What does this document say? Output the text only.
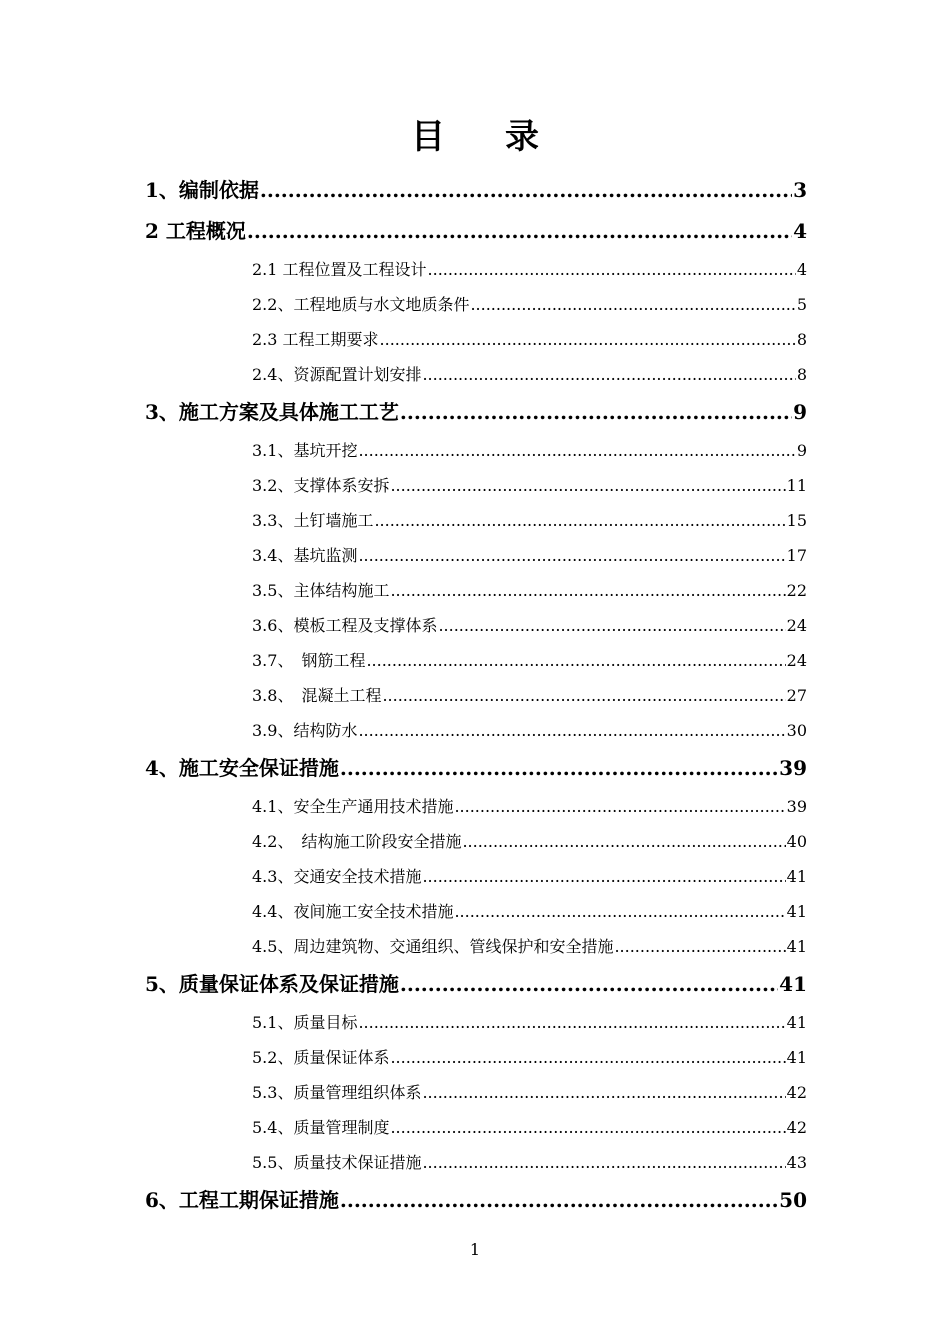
目 录
1、编制依据 .....	3
2 工程概况 .....	4
2.1 工程位置及工程设计 .....	4
2.2、工程地质与水文地质条件 .....	5
2.3 工程工期要求 .....	8
2.4、资源配置计划安排 .....	8
3、施工方案及具体施工工艺 .....	9
3.1、基坑开挖 .....	9
3.2、支撑体系安拆 .....	11
3.3、土钉墙施工 .....	15
3.4、基坑监测 .....	17
3.5、主体结构施工 .....	22
3.6、模板工程及支撑体系 .....	24
3.7、　钢筋工程 .....	24
3.8、　混凝土工程 .....	27
3.9、结构防水 .....	30
4、施工安全保证措施 .....	39
4.1、安全生产通用技术措施 .....	39
4.2、　结构施工阶段安全措施 .....	40
4.3、交通安全技术措施 .....	41
4.4、夜间施工安全技术措施 .....	41
4.5、周边建筑物、交通组织、管线保护和安全措施 .....	41
5、质量保证体系及保证措施 .....	41
5.1、质量目标 .....	41
5.2、质量保证体系 .....	41
5.3、质量管理组织体系 .....	42
5.4、质量管理制度 .....	42
5.5、质量技术保证措施 .....	43
6、工程工期保证措施 .....	50
1
